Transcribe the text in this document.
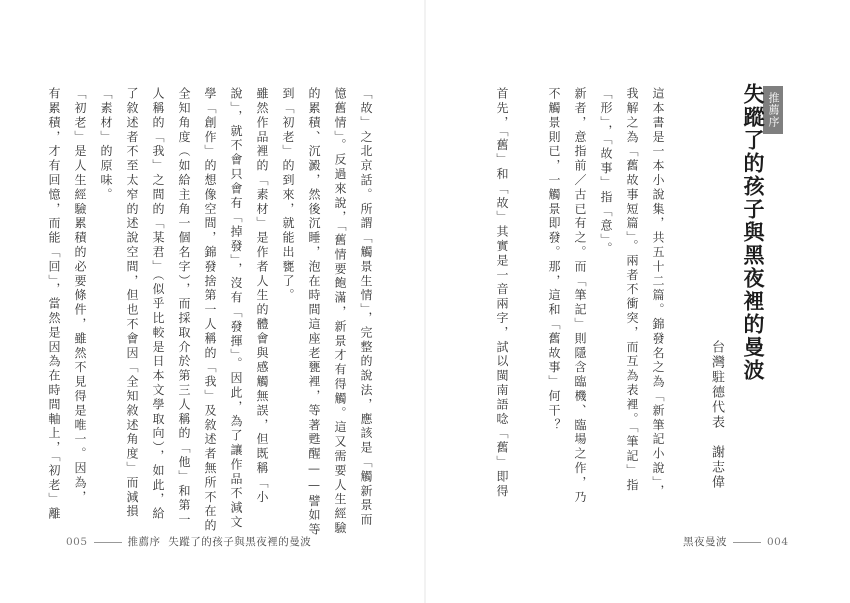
推薦序
失蹤了的孩子與黑夜裡的曼波
台灣駐德代表　謝志偉
這本書是一本小說集，共五十二篇。錦發名之為「新筆記小說」，
我解之為「舊故事短篇」。兩者不衝突，而互為表裡。「筆記」指
「形」，「故事」指「意」。
新者，意指前／古已有之。而「筆記」則隱含臨機、臨場之作，乃
不觸景則已，一觸景即發。那，這和「舊故事」何干？
首先，「舊」和「故」其實是一音兩字，試以閩南語唸「舊」即得
黑夜曼波	004
「故」之北京話。所謂「觸景生情」，完整的說法，應該是「觸新景而
憶舊情」。反過來說，「舊情要飽滿，新景才有得觸。這又需要人生經驗
的累積、沉澱，然後沉睡，泡在時間這座老甕裡，等著甦醒——譬如等
到「初老」的到來，就能出甕了。
雖然作品裡的「素材」是作者人生的體會與感觸無誤，但既稱「小
說」，就不會只會有「掉發」，沒有「發揮」。因此，為了讓作品不減文
學「創作」的想像空間，錦發捨第一人稱的「我」及敘述者無所不在的
全知角度（如給主角一個名字），而採取介於第三人稱的「他」和第一
人稱的「我」之間的「某君」（似乎比較是日本文學取向），如此，給
了敘述者不至太窄的述說空間，但也不會因「全知敘述角度」而減損
「素材」的原味。
「初老」是人生經驗累積的必要條件，雖然不見得是唯一。因為，
有累積，才有回憶，而能「回」，當然是因為在時間軸上，「初老」離
005	推薦序 失蹤了的孩子與黑夜裡的曼波
